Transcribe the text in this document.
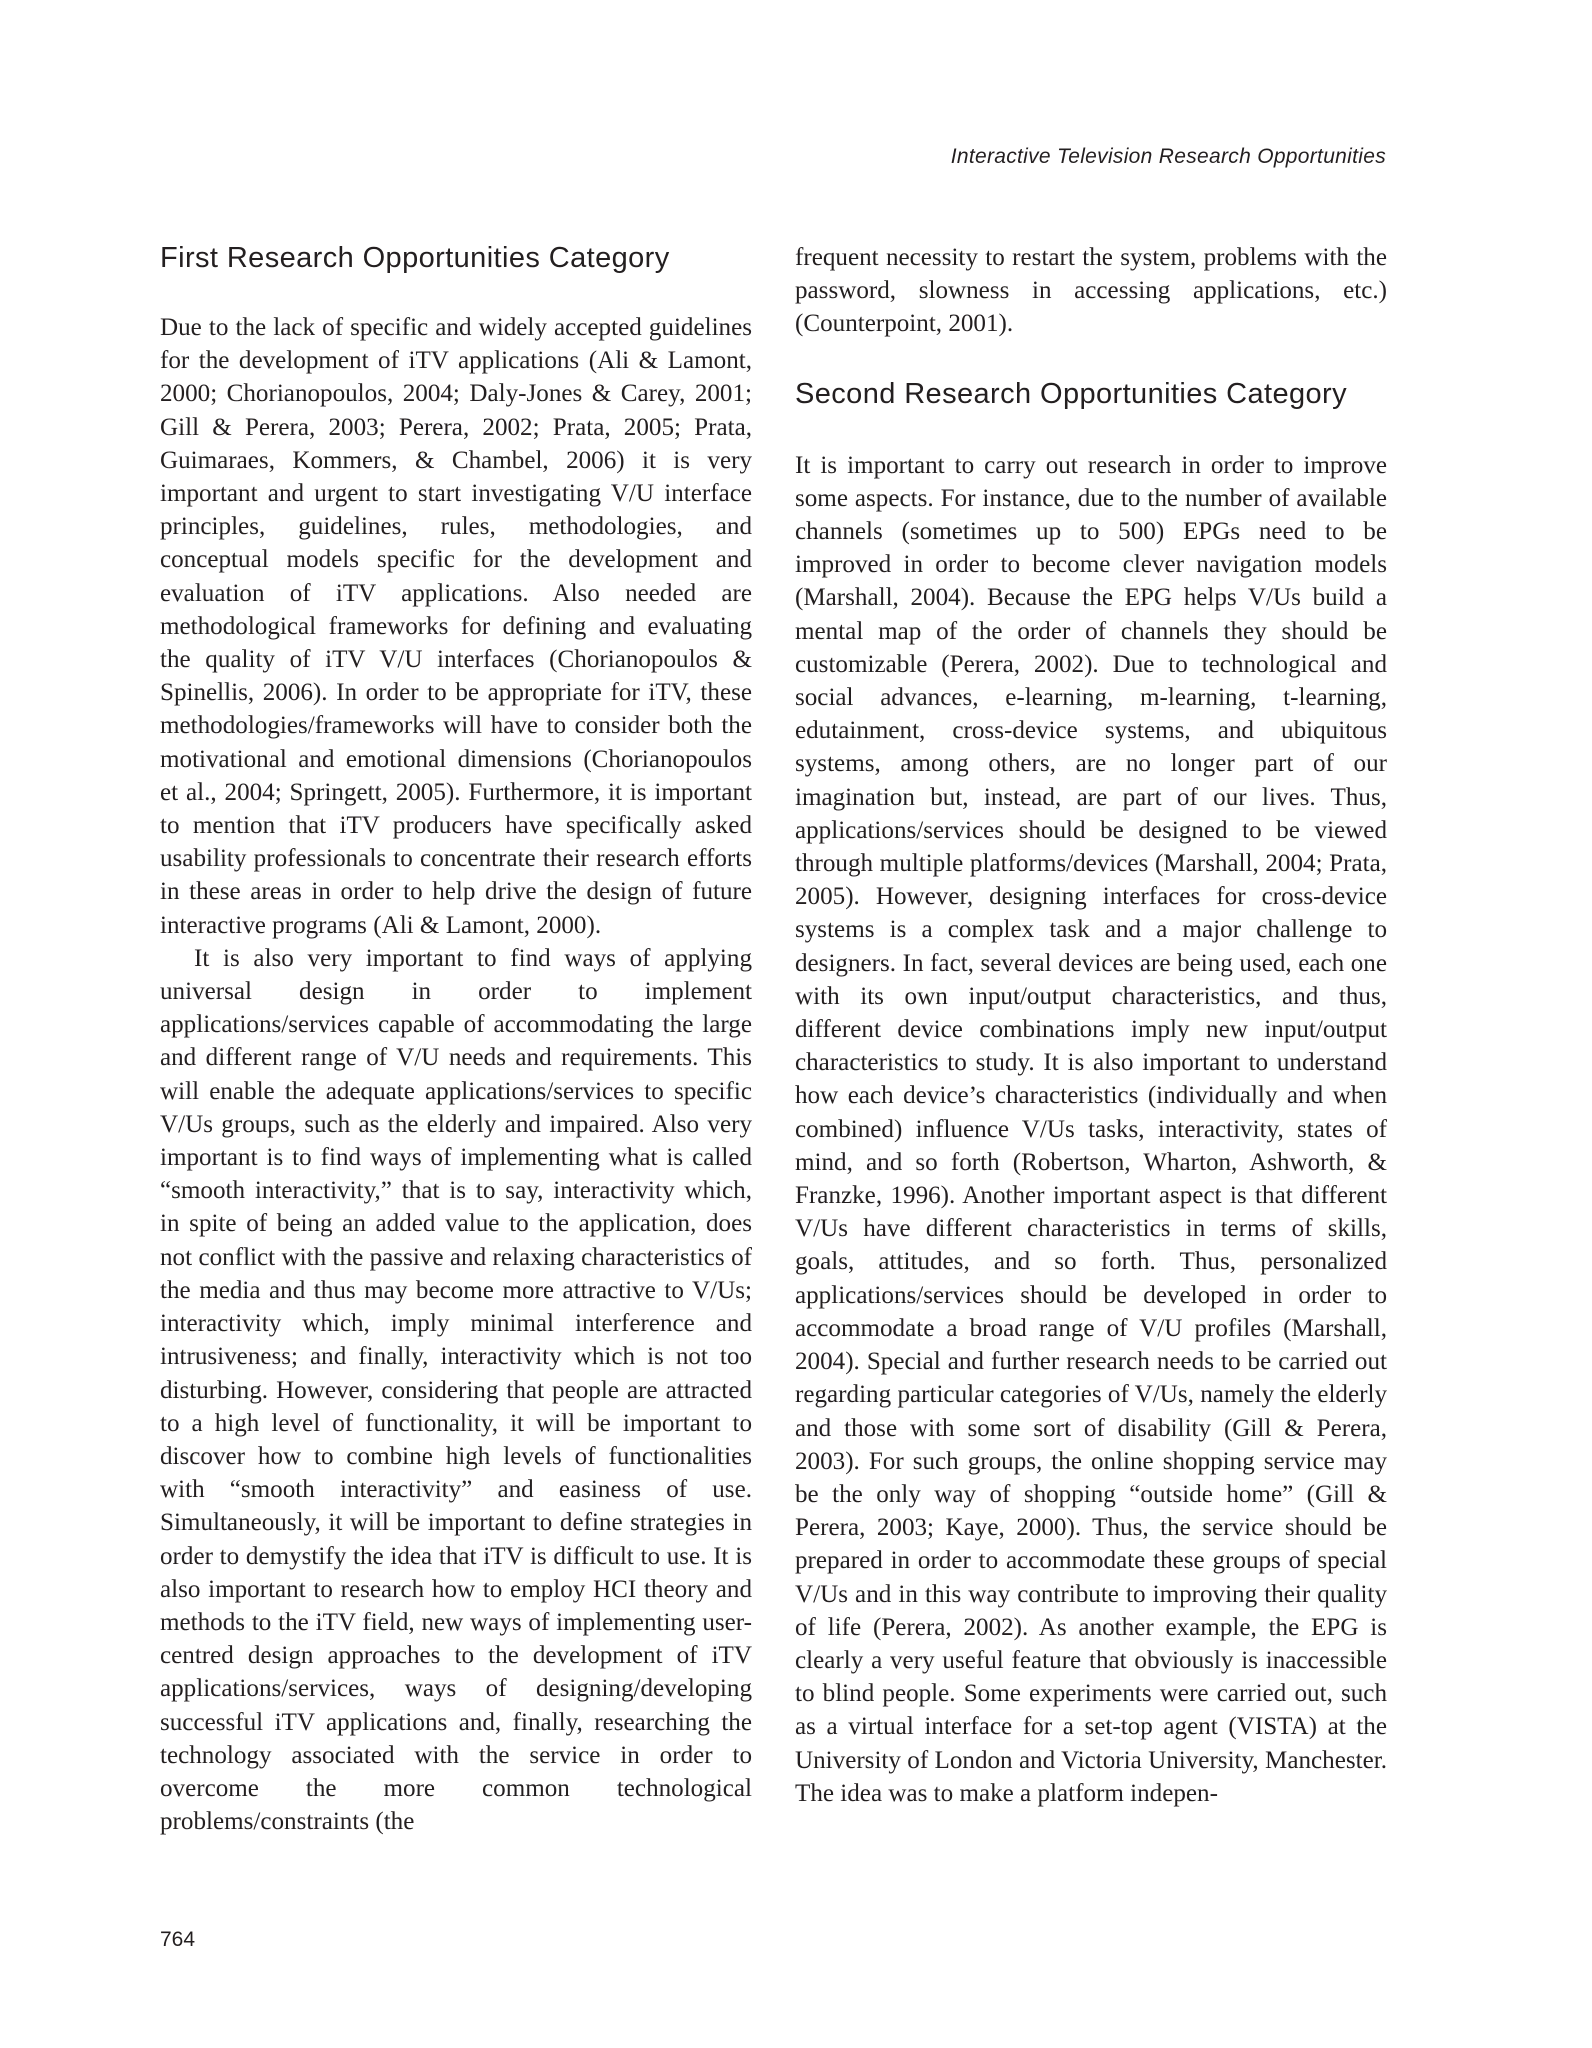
Interactive Television Research Opportunities
First Research Opportunities Category

Due to the lack of specific and widely accepted guidelines for the development of iTV applications (Ali & Lamont, 2000; Chorianopoulos, 2004; Daly-Jones & Carey, 2001; Gill & Perera, 2003; Perera, 2002; Prata, 2005; Prata, Guimaraes, Kommers, & Chambel, 2006) it is very important and urgent to start investigating V/U interface principles, guidelines, rules, methodologies, and conceptual models specific for the development and evaluation of iTV applications. Also needed are methodological frameworks for defining and evaluating the quality of iTV V/U interfaces (Chorianopoulos & Spinellis, 2006). In order to be appropriate for iTV, these methodologies/frameworks will have to consider both the motivational and emotional dimensions (Chorianopoulos et al., 2004; Springett, 2005). Furthermore, it is important to mention that iTV producers have specifically asked usability professionals to concentrate their research efforts in these areas in order to help drive the design of future interactive programs (Ali & Lamont, 2000).

It is also very important to find ways of applying universal design in order to implement applications/services capable of accommodating the large and different range of V/U needs and requirements. This will enable the adequate applications/services to specific V/Us groups, such as the elderly and impaired. Also very important is to find ways of implementing what is called “smooth interactivity,” that is to say, interactivity which, in spite of being an added value to the application, does not conflict with the passive and relaxing characteristics of the media and thus may become more attractive to V/Us; interactivity which, imply minimal interference and intrusiveness; and finally, interactivity which is not too disturbing. However, considering that people are attracted to a high level of functionality, it will be important to discover how to combine high levels of functionalities with “smooth interactivity” and easiness of use. Simultaneously, it will be important to define strategies in order to demystify the idea that iTV is difficult to use. It is also important to research how to employ HCI theory and methods to the iTV field, new ways of implementing user-centred design approaches to the development of iTV applications/services, ways of designing/developing successful iTV applications and, finally, researching the technology associated with the service in order to overcome the more common technological problems/constraints (the

frequent necessity to restart the system, problems with the password, slowness in accessing applications, etc.) (Counterpoint, 2001).

Second Research Opportunities Category

It is important to carry out research in order to improve some aspects. For instance, due to the number of available channels (sometimes up to 500) EPGs need to be improved in order to become clever navigation models (Marshall, 2004). Because the EPG helps V/Us build a mental map of the order of channels they should be customizable (Perera, 2002). Due to technological and social advances, e-learning, m-learning, t-learning, edutainment, cross-device systems, and ubiquitous systems, among others, are no longer part of our imagination but, instead, are part of our lives. Thus, applications/services should be designed to be viewed through multiple platforms/devices (Marshall, 2004; Prata, 2005). However, designing interfaces for cross-device systems is a complex task and a major challenge to designers. In fact, several devices are being used, each one with its own input/output characteristics, and thus, different device combinations imply new input/output characteristics to study. It is also important to understand how each device’s characteristics (individually and when combined) influence V/Us tasks, interactivity, states of mind, and so forth (Robertson, Wharton, Ashworth, & Franzke, 1996). Another important aspect is that different V/Us have different characteristics in terms of skills, goals, attitudes, and so forth. Thus, personalized applications/services should be developed in order to accommodate a broad range of V/U profiles (Marshall, 2004). Special and further research needs to be carried out regarding particular categories of V/Us, namely the elderly and those with some sort of disability (Gill & Perera, 2003). For such groups, the online shopping service may be the only way of shopping “outside home” (Gill & Perera, 2003; Kaye, 2000). Thus, the service should be prepared in order to accommodate these groups of special V/Us and in this way contribute to improving their quality of life (Perera, 2002). As another example, the EPG is clearly a very useful feature that obviously is inaccessible to blind people. Some experiments were carried out, such as a virtual interface for a set-top agent (VISTA) at the University of London and Victoria University, Manchester. The idea was to make a platform indepen-

764
